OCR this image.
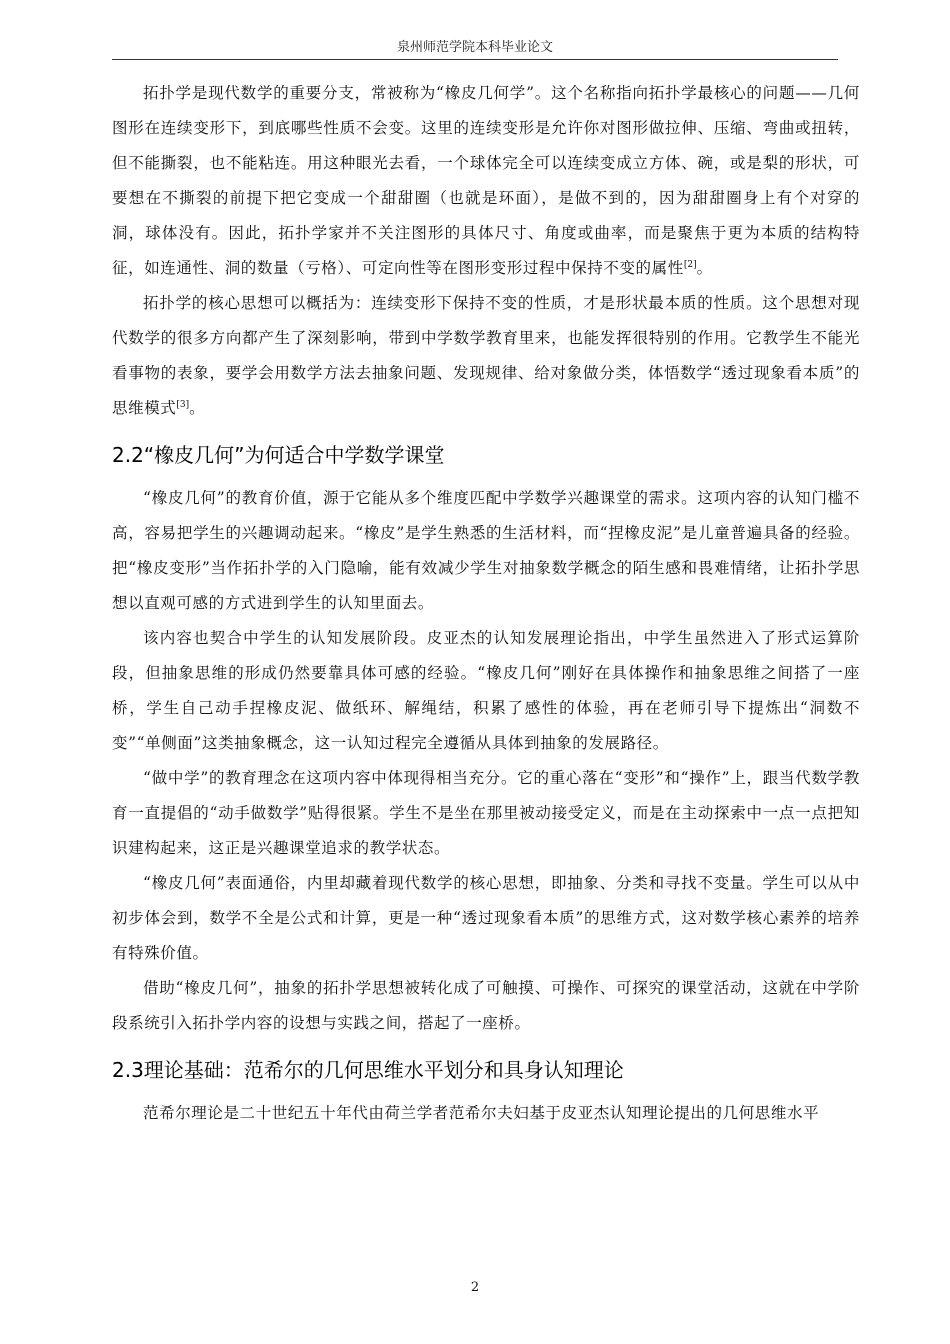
泉州师范学院本科毕业论文

拓扑学是现代数学的重要分支，常被称为“橡皮几何学”。这个名称指向拓扑学最核心的问题——几何图形在连续变形下，到底哪些性质不会变。这里的连续变形是允许你对图形做拉伸、压缩、弯曲或扭转，但不能撕裂，也不能粘连。用这种眼光去看，一个球体完全可以连续变成立方体、碗，或是梨的形状，可要想在不撕裂的前提下把它变成一个甜甜圈（也就是环面），是做不到的，因为甜甜圈身上有个对穿的洞，球体没有。因此，拓扑学家并不关注图形的具体尺寸、角度或曲率，而是聚焦于更为本质的结构特征，如连通性、洞的数量（亏格）、可定向性等在图形变形过程中保持不变的属性[2]。

拓扑学的核心思想可以概括为：连续变形下保持不变的性质，才是形状最本质的性质。这个思想对现代数学的很多方向都产生了深刻影响，带到中学数学教育里来，也能发挥很特别的作用。它教学生不能光看事物的表象，要学会用数学方法去抽象问题、发现规律、给对象做分类，体悟数学“透过现象看本质”的思维模式[3]。

2.2“橡皮几何”为何适合中学数学课堂

“橡皮几何”的教育价值，源于它能从多个维度匹配中学数学兴趣课堂的需求。这项内容的认知门槛不高，容易把学生的兴趣调动起来。“橡皮”是学生熟悉的生活材料，而“捏橡皮泥”是儿童普遍具备的经验。把“橡皮变形”当作拓扑学的入门隐喻，能有效减少学生对抽象数学概念的陌生感和畏难情绪，让拓扑学思想以直观可感的方式进到学生的认知里面去。

该内容也契合中学生的认知发展阶段。皮亚杰的认知发展理论指出，中学生虽然进入了形式运算阶段，但抽象思维的形成仍然要靠具体可感的经验。“橡皮几何”刚好在具体操作和抽象思维之间搭了一座桥，学生自己动手捏橡皮泥、做纸环、解绳结，积累了感性的体验，再在老师引导下提炼出“洞数不变”“单侧面”这类抽象概念，这一认知过程完全遵循从具体到抽象的发展路径。

“做中学”的教育理念在这项内容中体现得相当充分。它的重心落在“变形”和“操作”上，跟当代数学教育一直提倡的“动手做数学”贴得很紧。学生不是坐在那里被动接受定义，而是在主动探索中一点一点把知识建构起来，这正是兴趣课堂追求的教学状态。

“橡皮几何”表面通俗，内里却藏着现代数学的核心思想，即抽象、分类和寻找不变量。学生可以从中初步体会到，数学不全是公式和计算，更是一种“透过现象看本质”的思维方式，这对数学核心素养的培养有特殊价值。

借助“橡皮几何”，抽象的拓扑学思想被转化成了可触摸、可操作、可探究的课堂活动，这就在中学阶段系统引入拓扑学内容的设想与实践之间，搭起了一座桥。

2.3理论基础：范希尔的几何思维水平划分和具身认知理论

范希尔理论是二十世纪五十年代由荷兰学者范希尔夫妇基于皮亚杰认知理论提出的几何思维水平

2
